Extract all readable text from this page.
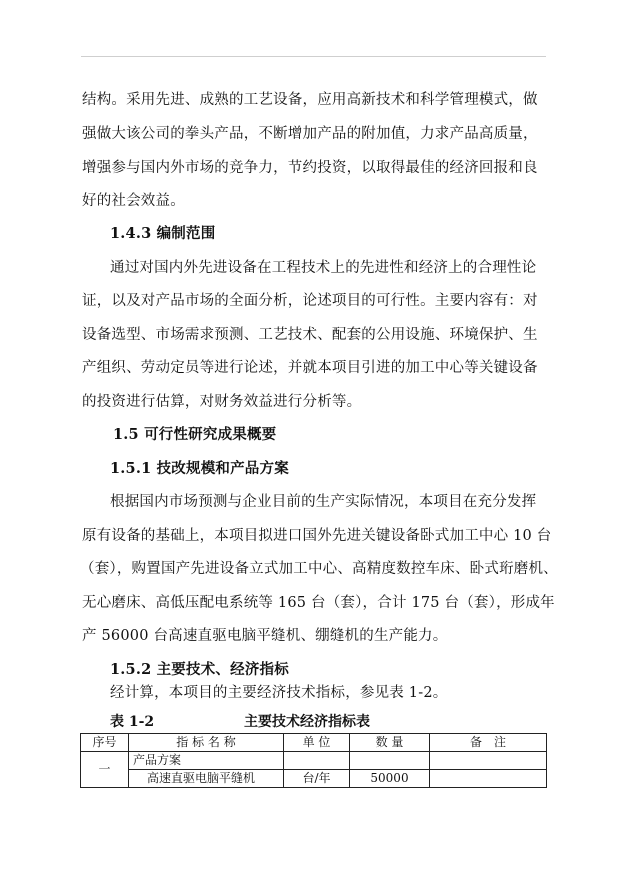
结构。采用先进、成熟的工艺设备，应用高新技术和科学管理模式，做
强做大该公司的拳头产品，不断增加产品的附加值，力求产品高质量，
增强参与国内外市场的竞争力，节约投资，以取得最佳的经济回报和良
好的社会效益。
1.4.3 编制范围
通过对国内外先进设备在工程技术上的先进性和经济上的合理性论
证，以及对产品市场的全面分析，论述项目的可行性。主要内容有：对
设备选型、市场需求预测、工艺技术、配套的公用设施、环境保护、生
产组织、劳动定员等进行论述，并就本项目引进的加工中心等关键设备
的投资进行估算，对财务效益进行分析等。
1.5 可行性研究成果概要
1.5.1 技改规模和产品方案
根据国内市场预测与企业目前的生产实际情况，本项目在充分发挥
原有设备的基础上，本项目拟进口国外先进关键设备卧式加工中心 10 台
（套），购置国产先进设备立式加工中心、高精度数控车床、卧式珩磨机、
无心磨床、高低压配电系统等 165 台（套），合计 175 台（套），形成年
产 56000 台高速直驱电脑平缝机、绷缝机的生产能力。
1.5.2 主要技术、经济指标
经计算，本项目的主要经济技术指标，参见表 1-2。
表 1-2	主要技术经济指标表
序号	指 标 名 称	单 位	数 量	备　注
一	产品方案			
	高速直驱电脑平缝机	台/年	50000	
